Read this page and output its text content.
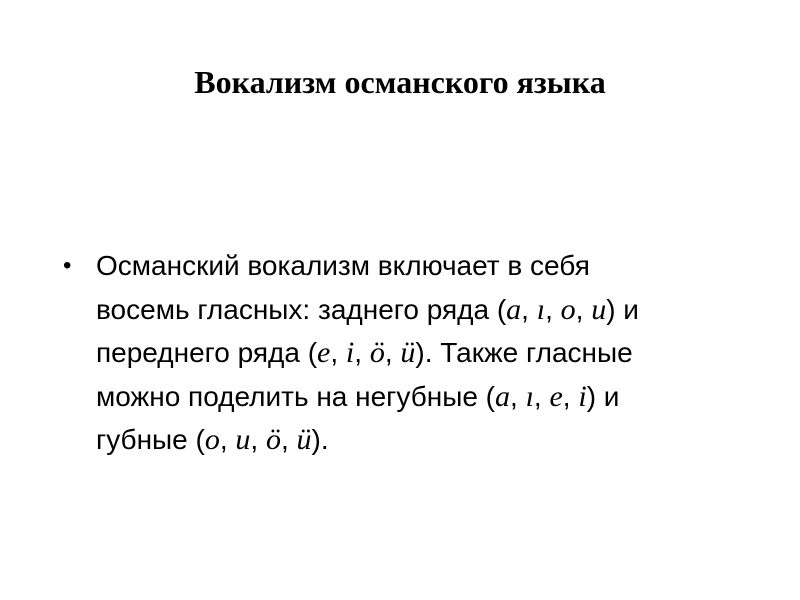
Вокализм османского языка
• Османский вокализм включает в себя
восемь гласных: заднего ряда (a, ı, o, u) и
переднего ряда (e, i, ö, ü). Также гласные
можно поделить на негубные (a, ı, e, i) и
губные (o, u, ö, ü).
